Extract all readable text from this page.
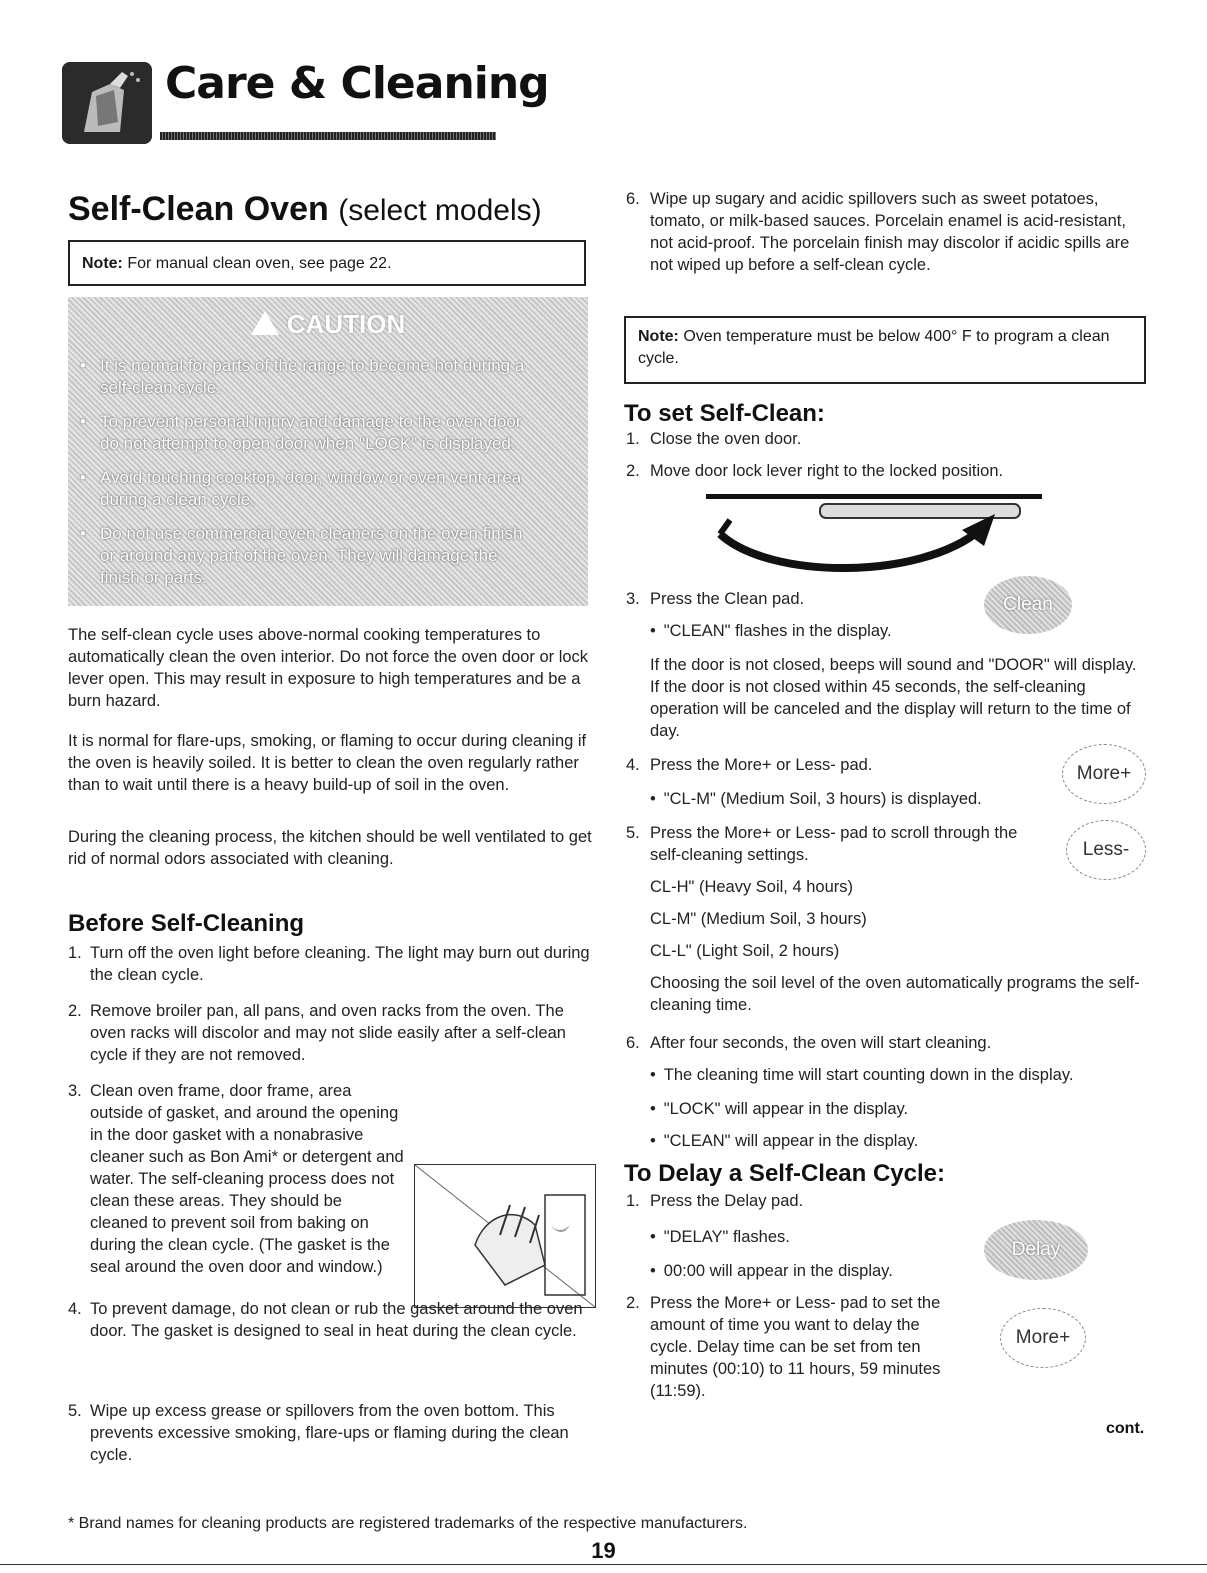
Care & Cleaning
Self-Clean Oven (select models)
Note: For manual clean oven, see page 22.
CAUTION
• It is normal for parts of the range to become hot during a
self-clean cycle.
• To prevent personal injury and damage to the oven door
do not attempt to open door when "LOCK" is displayed.
• Avoid touching cooktop, door, window or oven vent area
during a clean cycle.
• Do not use commercial oven cleaners on the oven finish
or around any part of the oven. They will damage the
finish or parts.
The self-clean cycle uses above-normal cooking temperatures to automatically clean the oven interior. Do not force the oven door or lock lever open. This may result in exposure to high temperatures and be a burn hazard.
It is normal for flare-ups, smoking, or flaming to occur during cleaning if the oven is heavily soiled. It is better to clean the oven regularly rather than to wait until there is a heavy build-up of soil in the oven.
During the cleaning process, the kitchen should be well ventilated to get rid of normal odors associated with cleaning.
Before Self-Cleaning
1. Turn off the oven light before cleaning. The light may burn out during the clean cycle.
2. Remove broiler pan, all pans, and oven racks from the oven. The oven racks will discolor and may not slide easily after a self-clean cycle if they are not removed.
3. Clean oven frame, door frame, area outside of gasket, and around the opening in the door gasket with a nonabrasive cleaner such as Bon Ami* or detergent and water. The self-cleaning process does not clean these areas. They should be cleaned to prevent soil from baking on during the clean cycle. (The gasket is the seal around the oven door and window.)
4. To prevent damage, do not clean or rub the gasket around the oven door. The gasket is designed to seal in heat during the clean cycle.
5. Wipe up excess grease or spillovers from the oven bottom. This prevents excessive smoking, flare-ups or flaming during the clean cycle.
6. Wipe up sugary and acidic spillovers such as sweet potatoes, tomato, or milk-based sauces. Porcelain enamel is acid-resistant, not acid-proof. The porcelain finish may discolor if acidic spills are not wiped up before a self-clean cycle.
Note: Oven temperature must be below 400° F to program a clean cycle.
To set Self-Clean:
1. Close the oven door.
2. Move door lock lever right to the locked position.
3. Press the Clean pad.	Clean
• "CLEAN" flashes in the display.
If the door is not closed, beeps will sound and "DOOR" will display. If the door is not closed within 45 seconds, the self-cleaning operation will be canceled and the display will return to the time of day.
4. Press the More+ or Less- pad.	More+
• "CL-M" (Medium Soil, 3 hours) is displayed.
5. Press the More+ or Less- pad to scroll through the self-cleaning settings.	Less-
CL-H" (Heavy Soil, 4 hours)
CL-M" (Medium Soil, 3 hours)
CL-L" (Light Soil, 2 hours)
Choosing the soil level of the oven automatically programs the self-cleaning time.
6. After four seconds, the oven will start cleaning.
• The cleaning time will start counting down in the display.
• "LOCK" will appear in the display.
• "CLEAN" will appear in the display.
To Delay a Self-Clean Cycle:
1. Press the Delay pad.
• "DELAY" flashes.
• 00:00 will appear in the display.
Delay
2. Press the More+ or Less- pad to set the amount of time you want to delay the cycle. Delay time can be set from ten minutes (00:10) to 11 hours, 59 minutes (11:59).
More+
cont.
* Brand names for cleaning products are registered trademarks of the respective manufacturers.
19
